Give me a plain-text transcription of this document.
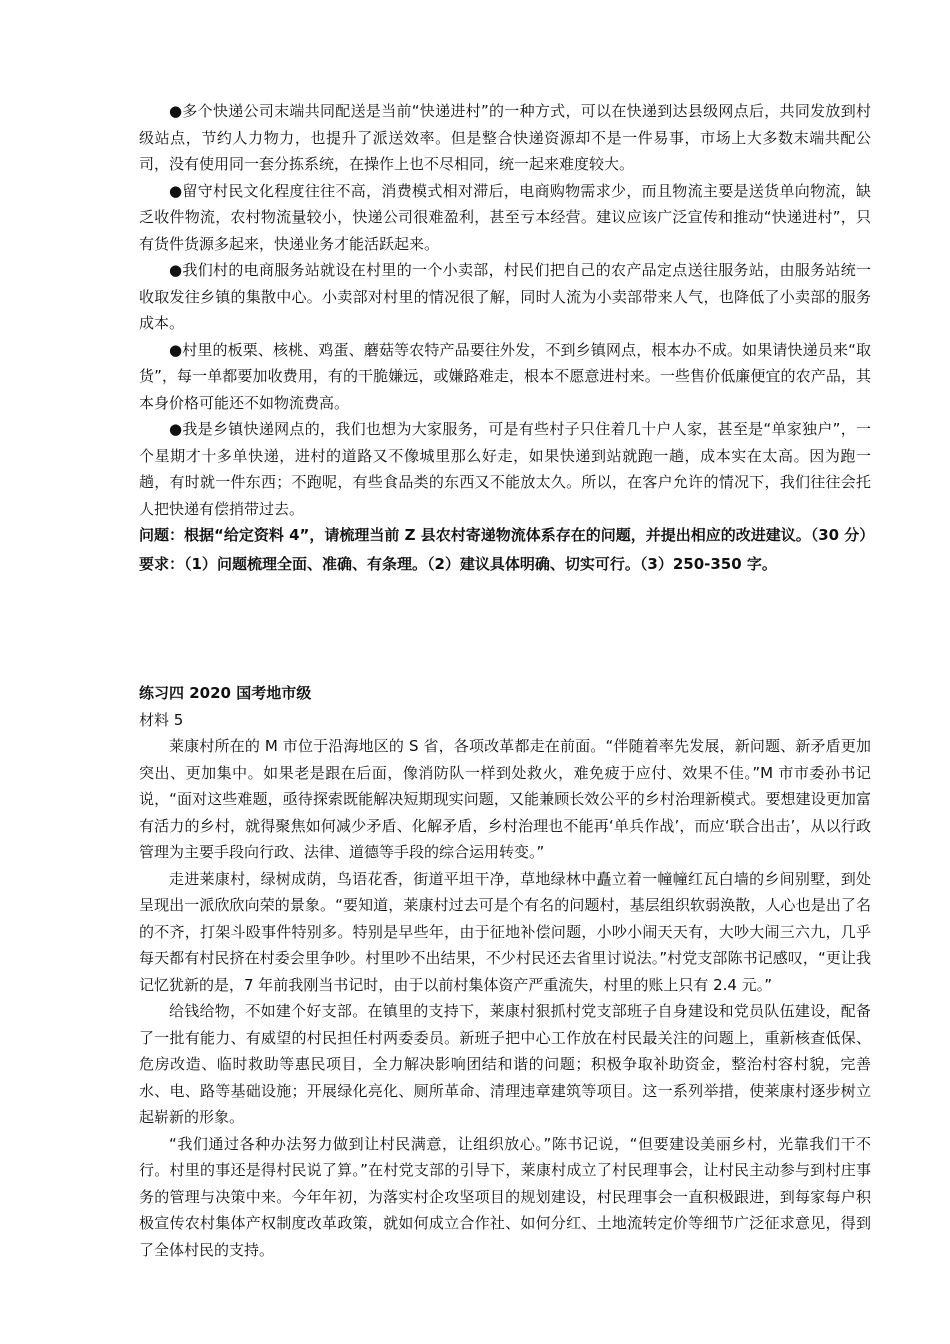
●多个快递公司末端共同配送是当前“快递进村”的一种方式，可以在快递到达县级网点后，共同发放到村级站点，节约人力物力，也提升了派送效率。但是整合快递资源却不是一件易事，市场上大多数末端共配公司，没有使用同一套分拣系统，在操作上也不尽相同，统一起来难度较大。

●留守村民文化程度往往不高，消费模式相对滞后，电商购物需求少，而且物流主要是送货单向物流，缺乏收件物流，农村物流量较小，快递公司很难盈利，甚至亏本经营。建议应该广泛宣传和推动“快递进村”，只有货件货源多起来，快递业务才能活跃起来。

●我们村的电商服务站就设在村里的一个小卖部，村民们把自己的农产品定点送往服务站，由服务站统一收取发往乡镇的集散中心。小卖部对村里的情况很了解，同时人流为小卖部带来人气，也降低了小卖部的服务成本。

●村里的板栗、核桃、鸡蛋、蘑菇等农特产品要往外发，不到乡镇网点，根本办不成。如果请快递员来“取货”，每一单都要加收费用，有的干脆嫌远，或嫌路难走，根本不愿意进村来。一些售价低廉便宜的农产品，其本身价格可能还不如物流费高。

●我是乡镇快递网点的，我们也想为大家服务，可是有些村子只住着几十户人家，甚至是“单家独户”，一个星期才十多单快递，进村的道路又不像城里那么好走，如果快递到站就跑一趟，成本实在太高。因为跑一趟，有时就一件东西；不跑呢，有些食品类的东西又不能放太久。所以，在客户允许的情况下，我们往往会托人把快递有偿捎带过去。

问题：根据“给定资料 4”，请梳理当前 Z 县农村寄递物流体系存在的问题，并提出相应的改进建议。（30 分）

要求：（1）问题梳理全面、准确、有条理。（2）建议具体明确、切实可行。（3）250-350 字。

练习四 2020 国考地市级

材料 5

莱康村所在的 M 市位于沿海地区的 S 省，各项改革都走在前面。“伴随着率先发展，新问题、新矛盾更加突出、更加集中。如果老是跟在后面，像消防队一样到处救火，难免疲于应付、效果不佳。”M 市市委孙书记说，“面对这些难题，亟待探索既能解决短期现实问题，又能兼顾长效公平的乡村治理新模式。要想建设更加富有活力的乡村，就得聚焦如何减少矛盾、化解矛盾，乡村治理也不能再‘单兵作战’，而应‘联合出击’，从以行政管理为主要手段向行政、法律、道德等手段的综合运用转变。”

走进莱康村，绿树成荫，鸟语花香，街道平坦干净，草地绿林中矗立着一幢幢红瓦白墙的乡间别墅，到处呈现出一派欣欣向荣的景象。“要知道，莱康村过去可是个有名的问题村，基层组织软弱涣散，人心也是出了名的不齐，打架斗殴事件特别多。特别是早些年，由于征地补偿问题，小吵小闹天天有，大吵大闹三六九，几乎每天都有村民挤在村委会里争吵。村里吵不出结果，不少村民还去省里讨说法。”村党支部陈书记感叹，“更让我记忆犹新的是，7 年前我刚当书记时，由于以前村集体资产严重流失，村里的账上只有 2.4 元。”

给钱给物，不如建个好支部。在镇里的支持下，莱康村狠抓村党支部班子自身建设和党员队伍建设，配备了一批有能力、有威望的村民担任村两委委员。新班子把中心工作放在村民最关注的问题上，重新核查低保、危房改造、临时救助等惠民项目，全力解决影响团结和谐的问题；积极争取补助资金，整治村容村貌，完善水、电、路等基础设施；开展绿化亮化、厕所革命、清理违章建筑等项目。这一系列举措，使莱康村逐步树立起崭新的形象。

“我们通过各种办法努力做到让村民满意，让组织放心。”陈书记说，“但要建设美丽乡村，光靠我们干不行。村里的事还是得村民说了算。”在村党支部的引导下，莱康村成立了村民理事会，让村民主动参与到村庄事务的管理与决策中来。今年年初，为落实村企攻坚项目的规划建设，村民理事会一直积极跟进，到每家每户积极宣传农村集体产权制度改革政策，就如何成立合作社、如何分红、土地流转定价等细节广泛征求意见，得到了全体村民的支持。
